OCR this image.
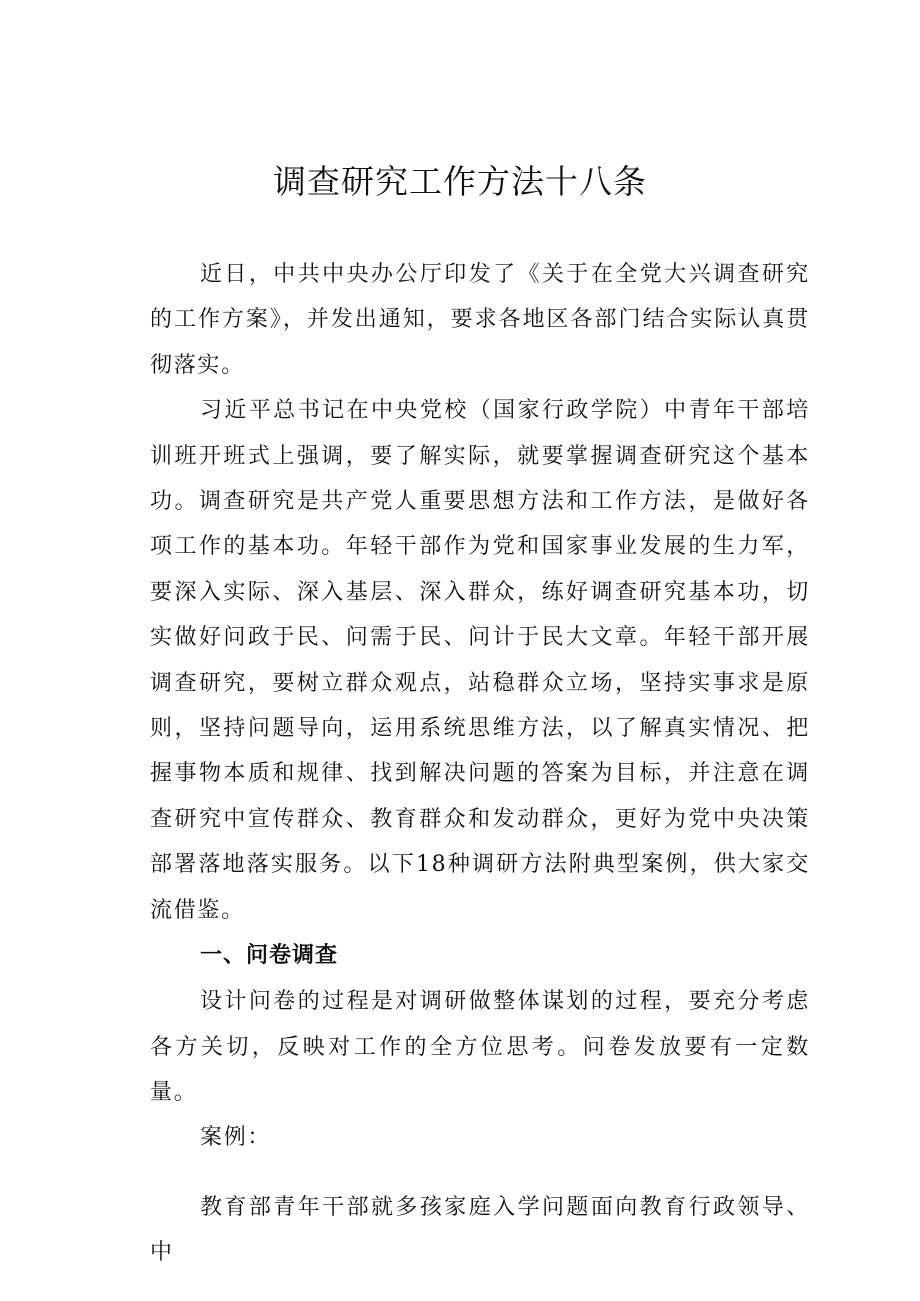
调查研究工作方法十八条

近日，中共中央办公厅印发了《关于在全党大兴调查研究的工作方案》，并发出通知，要求各地区各部门结合实际认真贯彻落实。

习近平总书记在中央党校（国家行政学院）中青年干部培训班开班式上强调，要了解实际，就要掌握调查研究这个基本功。调查研究是共产党人重要思想方法和工作方法，是做好各项工作的基本功。年轻干部作为党和国家事业发展的生力军，要深入实际、深入基层、深入群众，练好调查研究基本功，切实做好问政于民、问需于民、问计于民大文章。年轻干部开展调查研究，要树立群众观点，站稳群众立场，坚持实事求是原则，坚持问题导向，运用系统思维方法，以了解真实情况、把握事物本质和规律、找到解决问题的答案为目标，并注意在调查研究中宣传群众、教育群众和发动群众，更好为党中央决策部署落地落实服务。以下18种调研方法附典型案例，供大家交流借鉴。

一、问卷调查

设计问卷的过程是对调研做整体谋划的过程，要充分考虑各方关切，反映对工作的全方位思考。问卷发放要有一定数量。

案例：

教育部青年干部就多孩家庭入学问题面向教育行政领导、中
